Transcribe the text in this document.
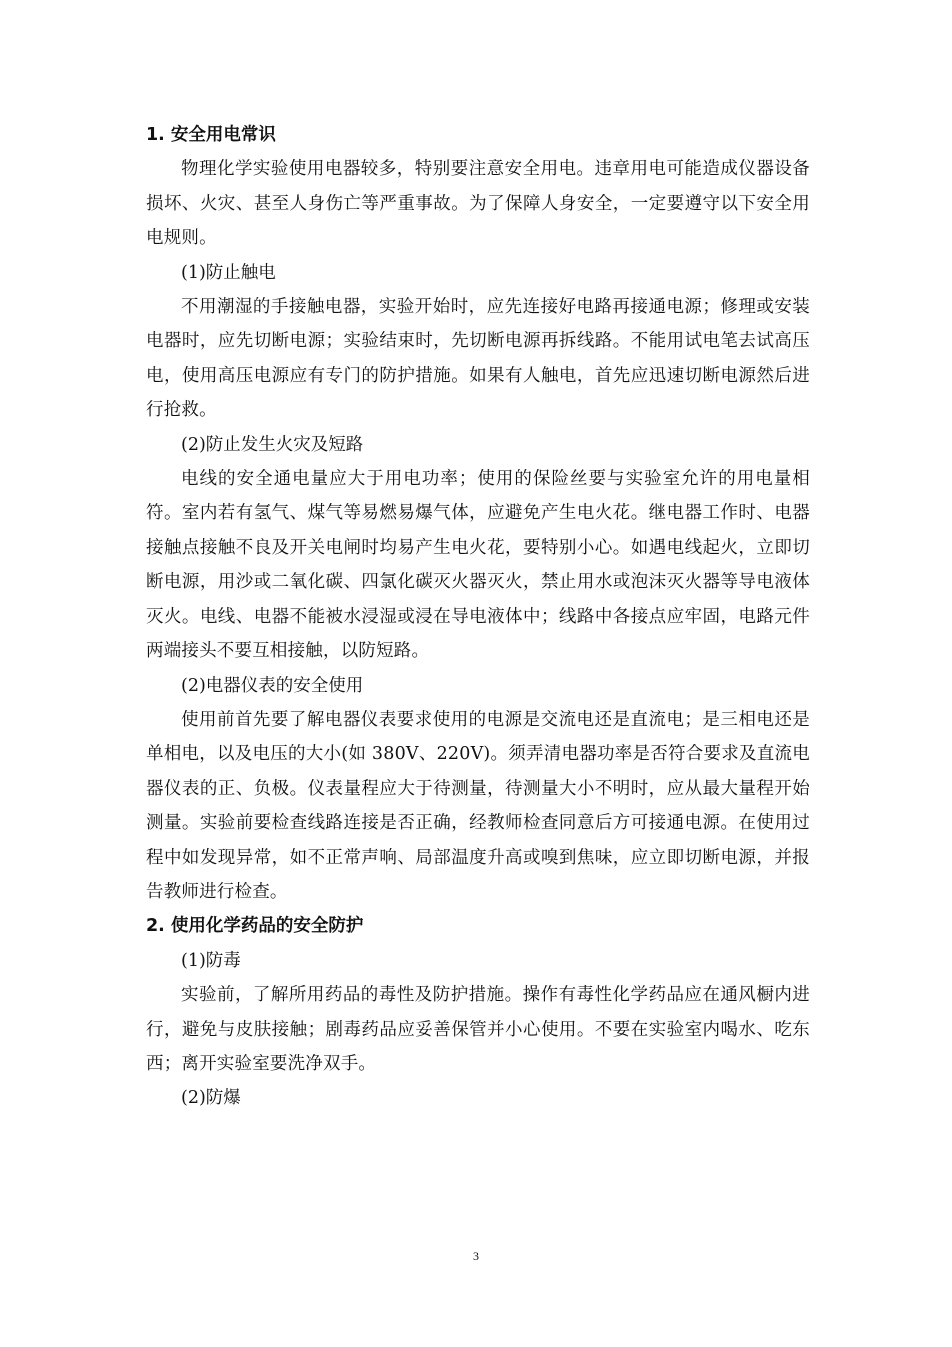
1. 安全用电常识

物理化学实验使用电器较多，特别要注意安全用电。违章用电可能造成仪器设备损坏、火灾、甚至人身伤亡等严重事故。为了保障人身安全，一定要遵守以下安全用电规则。

(1)防止触电

不用潮湿的手接触电器，实验开始时，应先连接好电路再接通电源；修理或安装电器时，应先切断电源；实验结束时，先切断电源再拆线路。不能用试电笔去试高压电，使用高压电源应有专门的防护措施。如果有人触电，首先应迅速切断电源然后进行抢救。

(2)防止发生火灾及短路

电线的安全通电量应大于用电功率；使用的保险丝要与实验室允许的用电量相符。室内若有氢气、煤气等易燃易爆气体，应避免产生电火花。继电器工作时、电器接触点接触不良及开关电闸时均易产生电火花，要特别小心。如遇电线起火，立即切断电源，用沙或二氧化碳、四氯化碳灭火器灭火，禁止用水或泡沫灭火器等导电液体灭火。电线、电器不能被水浸湿或浸在导电液体中；线路中各接点应牢固，电路元件两端接头不要互相接触，以防短路。

(2)电器仪表的安全使用

使用前首先要了解电器仪表要求使用的电源是交流电还是直流电；是三相电还是单相电，以及电压的大小(如 380V、220V)。须弄清电器功率是否符合要求及直流电器仪表的正、负极。仪表量程应大于待测量，待测量大小不明时，应从最大量程开始测量。实验前要检查线路连接是否正确，经教师检查同意后方可接通电源。在使用过程中如发现异常，如不正常声响、局部温度升高或嗅到焦味，应立即切断电源，并报告教师进行检查。

2. 使用化学药品的安全防护

(1)防毒

实验前，了解所用药品的毒性及防护措施。操作有毒性化学药品应在通风橱内进行，避免与皮肤接触；剧毒药品应妥善保管并小心使用。不要在实验室内喝水、吃东西；离开实验室要洗净双手。

(2)防爆

3
